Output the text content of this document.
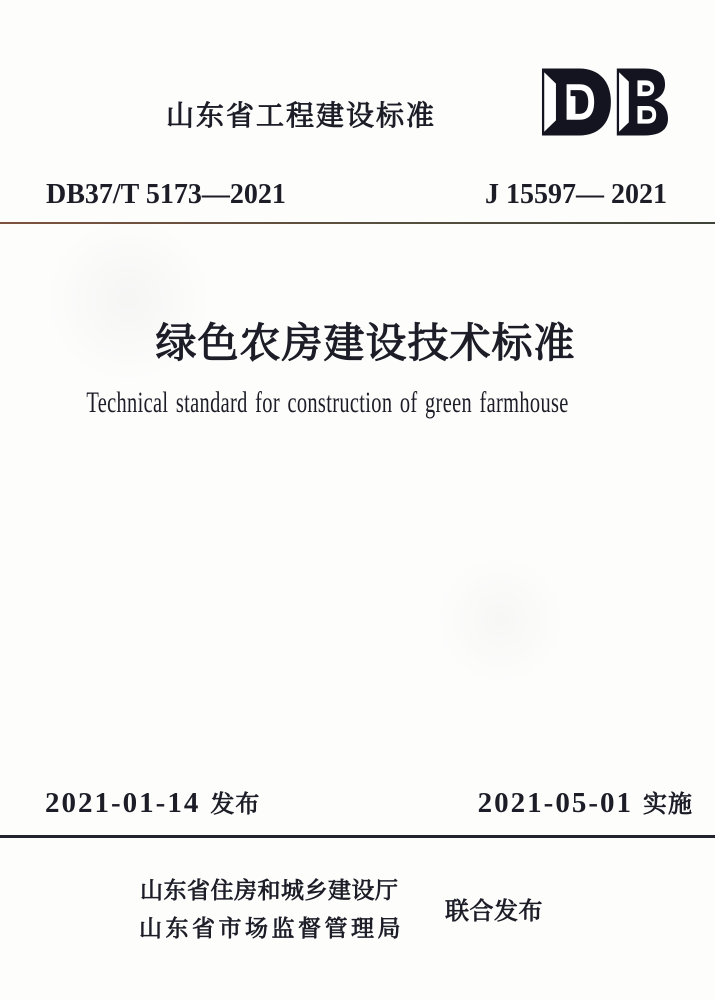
山东省工程建设标准
DB37/T 5173—2021	J 15597— 2021
绿色农房建设技术标准
Technical standard for construction of green farmhouse
2021-01-14 发布	2021-05-01 实施
山东省住房和城乡建设厅
山东省市场监督管理局
联合发布
